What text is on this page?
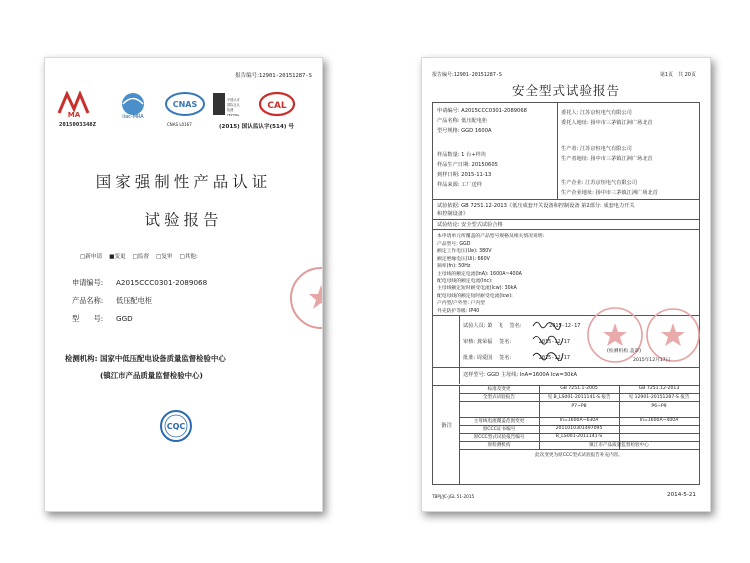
报告编号:12901-20151287-S
MA	ilac-MRA
CNAS	中国认可
国际互认
检测
TESTING
CAL
2015003348Z	CNAS L0167	(2015) 国认监认字(514) 号
国家强制性产品认证
试验报告
□新申请 ■变更 □监督 □复审 □其他:
申请编号: A2015CCC0301-2089068
产品名称: 低压配电柜
型　　号: GGD
检测机构: 国家中低压配电设备质量监督检验中心
(镇江市产品质量监督检验中心)
CQC
报告编号:12901-20151287-S	第1页　共 20页
安全型式试验报告
申请编号: A2015CCC0301-2089068
产品名称: 低压配电柜
型号规格: GGD 1600A
样品数量: 1 台+样块
样品生产日期: 20150605
到样日期: 2015-11-13
样品来源: 工厂送样
委托人: 江苏京恒电气有限公司
委托人地址: 扬中市三茅镇江洲广场北首
生产者: 江苏京恒电气有限公司
生产者地址: 扬中市三茅镇江洲广场北首
生产企业: 江苏京恒电气有限公司
生产企业地址: 扬中市三茅镇江洲广场北首
试验依据: GB 7251.12-2013《低压成套开关设备和控制设备 第2部分: 成套电力开关
和控制设备》
试验结论: 安全型式试验合格
本申请单元所覆盖的产品型号规格及相关情况说明:
产品型号: GGD
额定工作电压(Ue): 380V
额定绝缘电压(Ui): 660V
频率(fn): 50Hz
主母线的额定电流(InA): 1600A~400A
配电母线的额定电流(Inc):
主母线额定短时耐受电流(Icw): 30kA
配电母线的额定短时耐受电流(Icw):
户内型/户外型: 户内型
外壳防护等级: IP40
试验人员: 萧　飞 签名:	2015-12-17
审核: 龚荣福 签名:	2015-12-17
批准: 周爱国 签名:	2015-12-17
(检测机构 盖章)
2015年12月17日
送样型号: GGD 主母线: InA=1600A Icw=30kA
备注
标准及变更	GB 7251.1-2005	GB 7251.12-2013
全型式试验报告	见 B_LS001-2011141-S 报告	见 12901-20151287-S 报告
P7~P8	P6~P9
主母线电流覆盖范围变更	In=1600A~630A	In=1600A~400A
原CCC证书编号	2011010301497095
原CCC型式试验报告编号	B_LS001-2011141-S
原检测机构	镇江市产品质量监督检验中心
此次变更为原CCC型式试验报告补充内容。
TBPJ/JC-JGL 51-2015	2014-5-21
